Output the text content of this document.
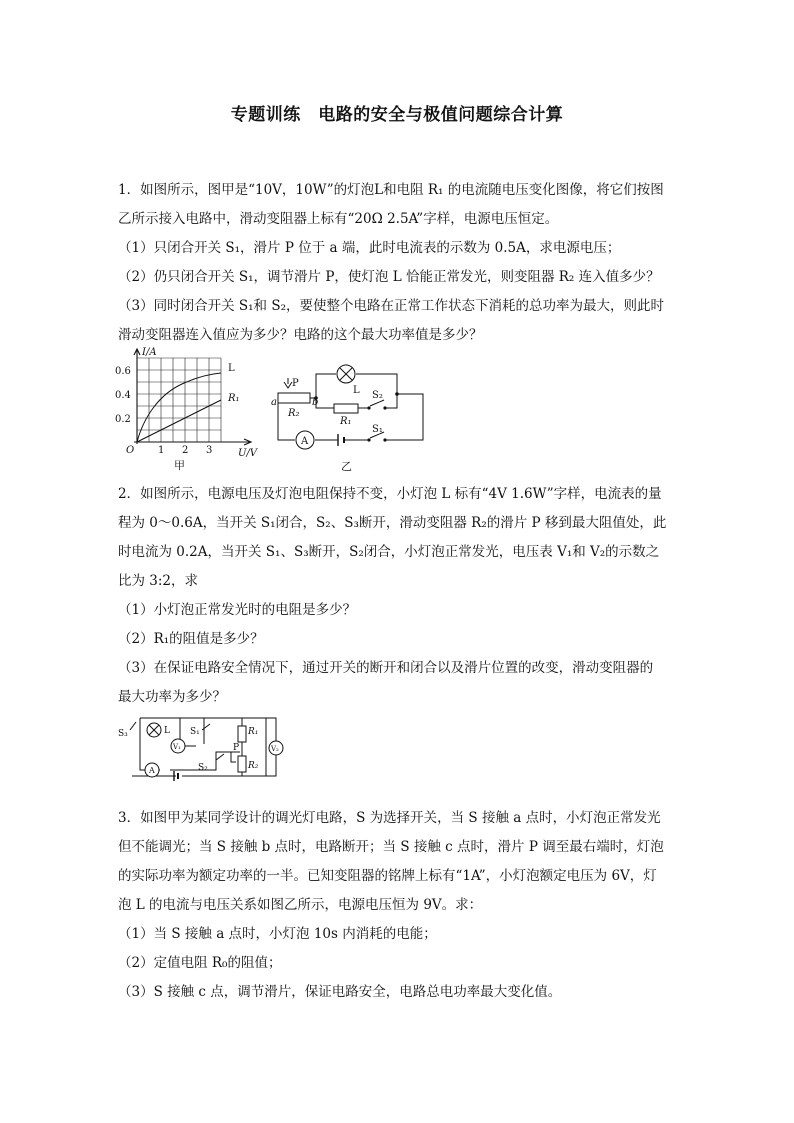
专题训练　电路的安全与极值问题综合计算
1．如图所示，图甲是“10V，10W”的灯泡L和电阻 R₁ 的电流随电压变化图像，将它们按图
乙所示接入电路中，滑动变阻器上标有“20Ω 2.5A”字样，电源电压恒定。
（1）只闭合开关 S₁，滑片 P 位于 a 端，此时电流表的示数为 0.5A，求电源电压；
（2）仍只闭合开关 S₁，调节滑片 P，使灯泡 L 恰能正常发光，则变阻器 R₂ 连入值多少？
（3）同时闭合开关 S₁和 S₂，要使整个电路在正常工作状态下消耗的总功率为最大，则此时
滑动变阻器连入值应为多少？电路的这个最大功率值是多少？
I/A
0.6
0.4
0.2
O 1 2 3	U/V
L
R₁
甲
P
a	b
R₂
L
R₁
S₂
S₁
A
乙
2．如图所示，电源电压及灯泡电阻保持不变，小灯泡 L 标有“4V 1.6W”字样，电流表的量
程为 0～0.6A，当开关 S₁闭合，S₂、S₃断开，滑动变阻器 R₂的滑片 P 移到最大阻值处，此
时电流为 0.2A，当开关 S₁、S₃断开，S₂闭合，小灯泡正常发光，电压表 V₁和 V₂的示数之
比为 3:2，求
（1）小灯泡正常发光时的电阻是多少？
（2）R₁的阻值是多少？
（3）在保证电路安全情况下，通过开关的断开和闭合以及滑片位置的改变，滑动变阻器的
最大功率为多少？
S₃	L S₁	R₁
V₁	V₂
P
A	S₂	R₂
3．如图甲为某同学设计的调光灯电路，S 为选择开关，当 S 接触 a 点时，小灯泡正常发光
但不能调光；当 S 接触 b 点时，电路断开；当 S 接触 c 点时，滑片 P 调至最右端时，灯泡
的实际功率为额定功率的一半。已知变阻器的铭牌上标有“1A”，小灯泡额定电压为 6V，灯
泡 L 的电流与电压关系如图乙所示，电源电压恒为 9V。求：
（1）当 S 接触 a 点时，小灯泡 10s 内消耗的电能；
（2）定值电阻 R₀的阻值；
（3）S 接触 c 点，调节滑片，保证电路安全，电路总电功率最大变化值。
